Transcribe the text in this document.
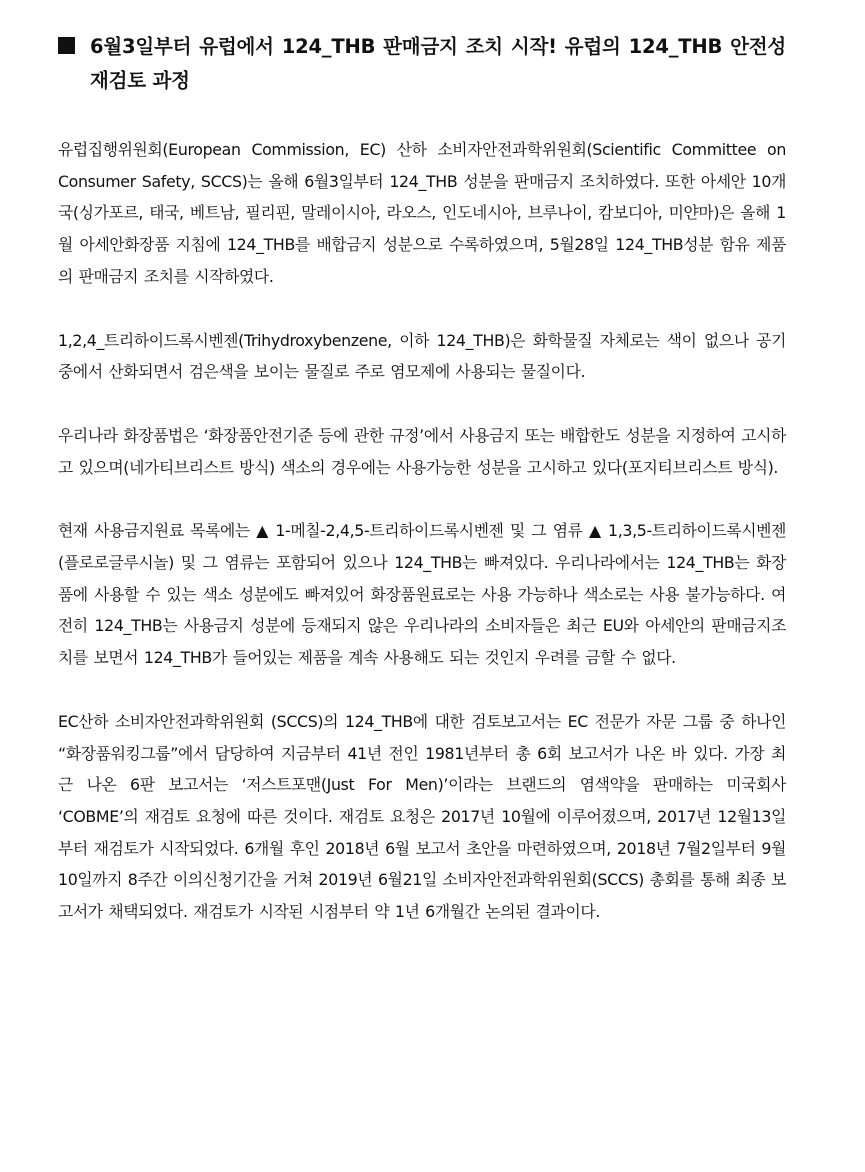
6월3일부터 유럽에서 124_THB 판매금지 조치 시작! 유럽의 124_THB 안전성 재검토 과정

유럽집행위원회(European Commission, EC) 산하 소비자안전과학위원회(Scientific Committee on Consumer Safety, SCCS)는 올해 6월3일부터 124_THB 성분을 판매금지 조치하였다. 또한 아세안 10개국(싱가포르, 태국, 베트남, 필리핀, 말레이시아, 라오스, 인도네시아, 브루나이, 캄보디아, 미얀마)은 올해 1월 아세안화장품 지침에 124_THB를 배합금지 성분으로 수록하였으며, 5월28일 124_THB성분 함유 제품의 판매금지 조치를 시작하였다.

1,2,4_트리하이드록시벤젠(Trihydroxybenzene, 이하 124_THB)은 화학물질 자체로는 색이 없으나 공기 중에서 산화되면서 검은색을 보이는 물질로 주로 염모제에 사용되는 물질이다.

우리나라 화장품법은 ‘화장품안전기준 등에 관한 규정’에서 사용금지 또는 배합한도 성분을 지정하여 고시하고 있으며(네가티브리스트 방식) 색소의 경우에는 사용가능한 성분을 고시하고 있다(포지티브리스트 방식).

현재 사용금지원료 목록에는 ▲ 1-메칠-2,4,5-트리하이드록시벤젠 및 그 염류 ▲ 1,3,5-트리하이드록시벤젠(플로로글루시놀) 및 그 염류는 포함되어 있으나 124_THB는 빠져있다. 우리나라에서는 124_THB는 화장품에 사용할 수 있는 색소 성분에도 빠져있어 화장품원료로는 사용 가능하나 색소로는 사용 불가능하다. 여전히 124_THB는 사용금지 성분에 등재되지 않은 우리나라의 소비자들은 최근 EU와 아세안의 판매금지조치를 보면서 124_THB가 들어있는 제품을 계속 사용해도 되는 것인지 우려를 금할 수 없다.

EC산하 소비자안전과학위원회 (SCCS)의 124_THB에 대한 검토보고서는 EC 전문가 자문 그룹 중 하나인 “화장품워킹그룹”에서 담당하여 지금부터 41년 전인 1981년부터 총 6회 보고서가 나온 바 있다. 가장 최근 나온 6판 보고서는 ‘저스트포맨(Just For Men)’이라는 브랜드의 염색약을 판매하는 미국회사 ‘COBME’의 재검토 요청에 따른 것이다. 재검토 요청은 2017년 10월에 이루어졌으며, 2017년 12월13일부터 재검토가 시작되었다. 6개월 후인 2018년 6월 보고서 초안을 마련하였으며, 2018년 7월2일부터 9월10일까지 8주간 이의신청기간을 거쳐 2019년 6월21일 소비자안전과학위원회(SCCS) 총회를 통해 최종 보고서가 채택되었다. 재검토가 시작된 시점부터 약 1년 6개월간 논의된 결과이다.
